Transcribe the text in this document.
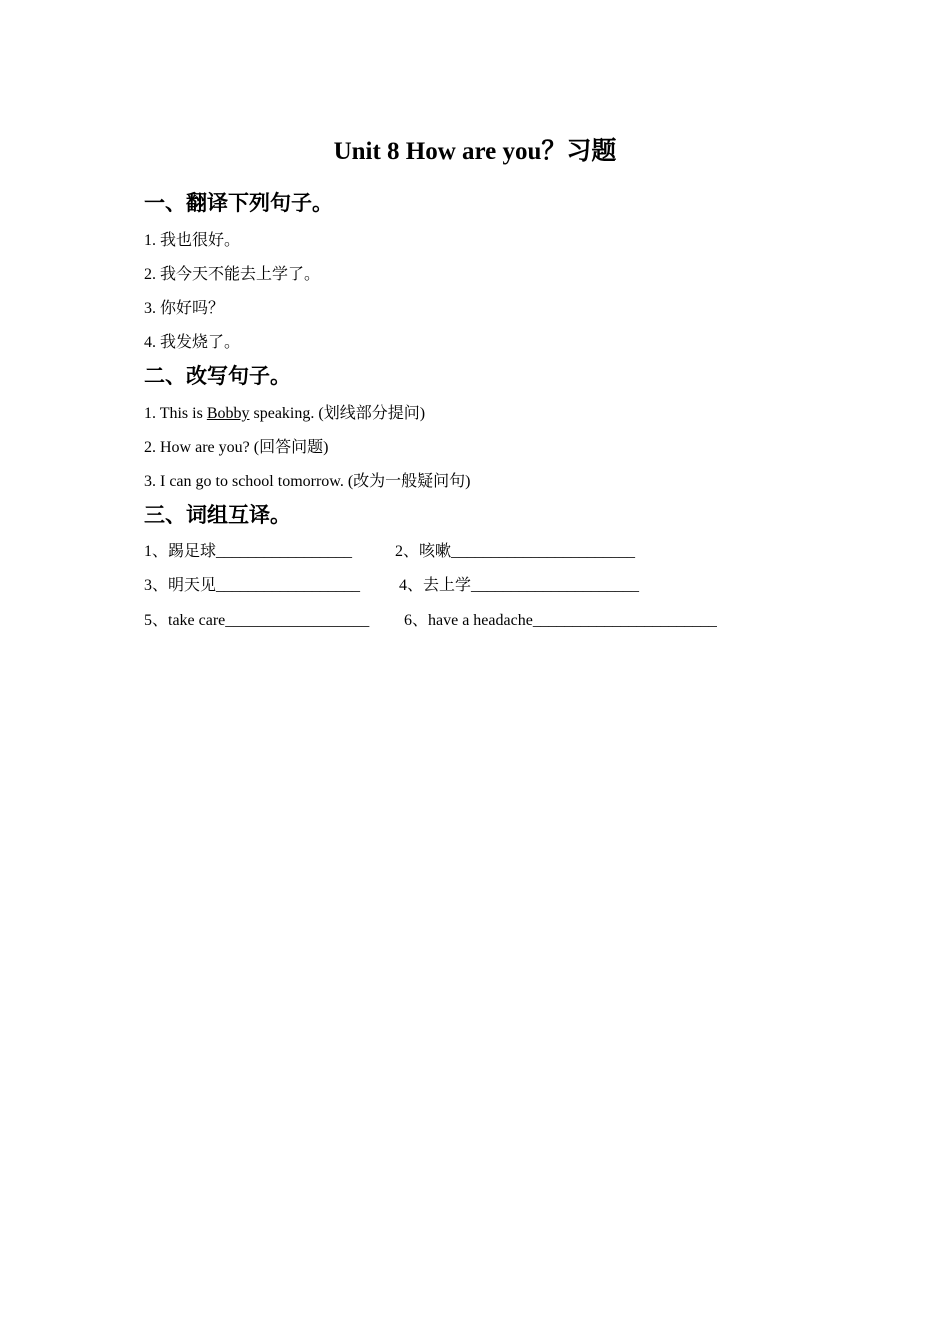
Unit 8 How are you？习题
一、翻译下列句子。
1. 我也很好。
2. 我今天不能去上学了。
3. 你好吗？
4. 我发烧了。
二、改写句子。
1. This is Bobby speaking. (划线部分提问)
2. How are you? (回答问题)
3. I can go to school tomorrow. (改为一般疑问句)
三、词组互译。
1、踢足球_________________	2、咳嗽_______________________
3、明天见__________________ 4、去上学_____________________
5、take care__________________ 6、have a headache_______________________
